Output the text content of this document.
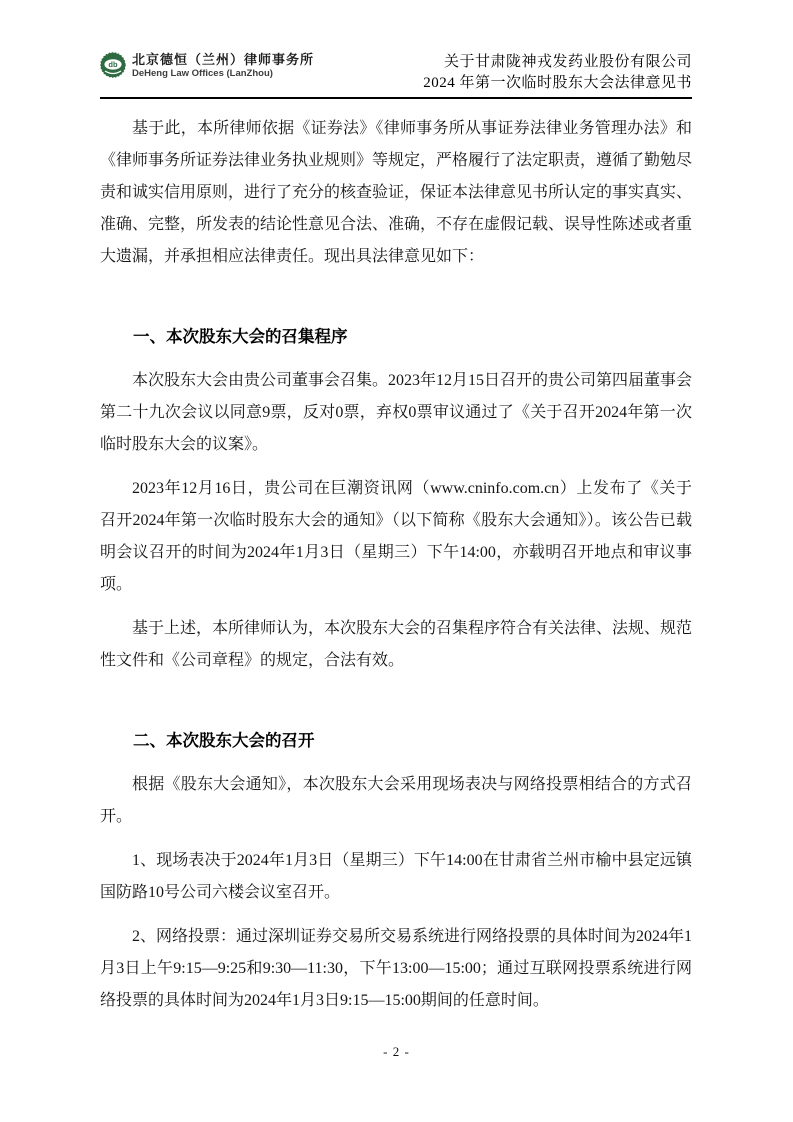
db 北京德恒（兰州）律师事务所
DeHeng Law Offices (LanZhou)
关于甘肃陇神戎发药业股份有限公司
2024 年第一次临时股东大会法律意见书

基于此，本所律师依据《证券法》《律师事务所从事证券法律业务管理办法》和《律师事务所证券法律业务执业规则》等规定，严格履行了法定职责，遵循了勤勉尽责和诚实信用原则，进行了充分的核查验证，保证本法律意见书所认定的事实真实、准确、完整，所发表的结论性意见合法、准确，不存在虚假记载、误导性陈述或者重大遗漏，并承担相应法律责任。现出具法律意见如下：

一、本次股东大会的召集程序

本次股东大会由贵公司董事会召集。2023年12月15日召开的贵公司第四届董事会第二十九次会议以同意9票，反对0票，弃权0票审议通过了《关于召开2024年第一次临时股东大会的议案》。

2023年12月16日，贵公司在巨潮资讯网（www.cninfo.com.cn）上发布了《关于召开2024年第一次临时股东大会的通知》（以下简称《股东大会通知》）。该公告已载明会议召开的时间为2024年1月3日（星期三）下午14:00，亦载明召开地点和审议事项。

基于上述，本所律师认为，本次股东大会的召集程序符合有关法律、法规、规范性文件和《公司章程》的规定，合法有效。

二、本次股东大会的召开

根据《股东大会通知》，本次股东大会采用现场表决与网络投票相结合的方式召开。

1、现场表决于2024年1月3日（星期三）下午14:00在甘肃省兰州市榆中县定远镇国防路10号公司六楼会议室召开。

2、网络投票：通过深圳证券交易所交易系统进行网络投票的具体时间为2024年1月3日上午9:15—9:25和9:30—11:30，下午13:00—15:00；通过互联网投票系统进行网络投票的具体时间为2024年1月3日9:15—15:00期间的任意时间。

- 2 -
